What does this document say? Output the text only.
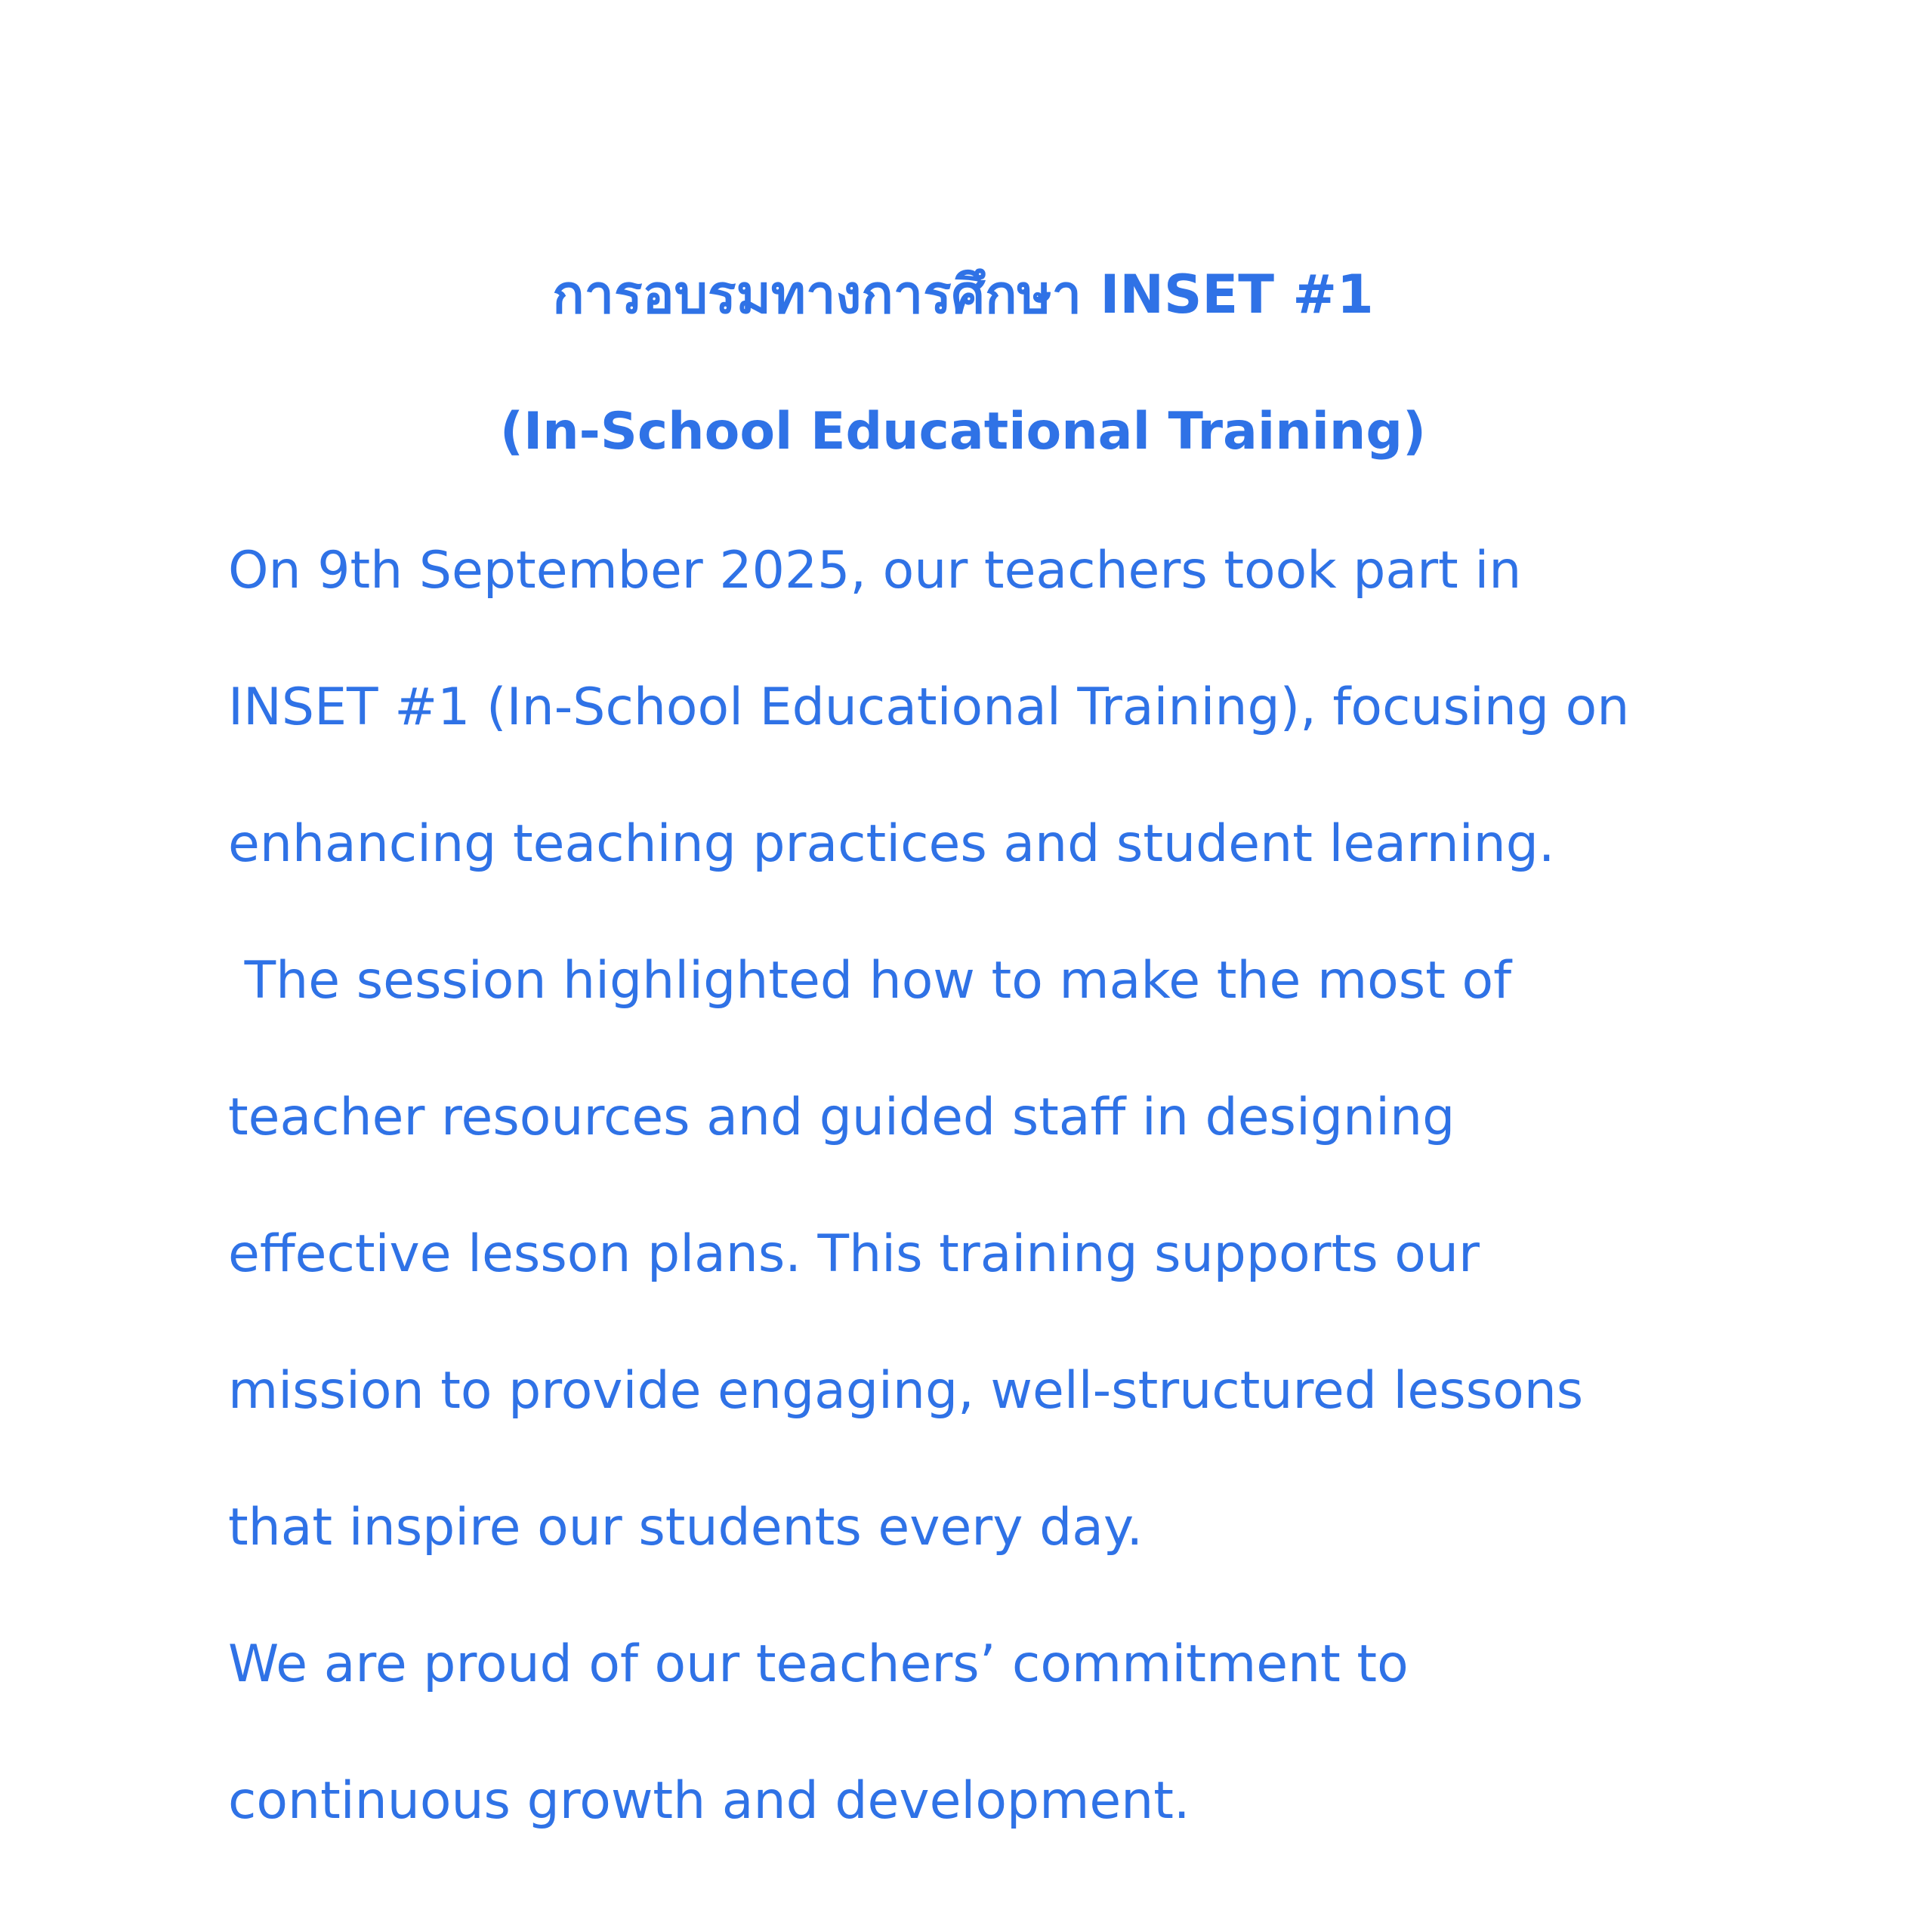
การอบรมทางการศึกษา INSET #1
(In-School Educational Training)
On 9th September 2025, our teachers took part in
INSET #1 (In-School Educational Training), focusing on
enhancing teaching practices and student learning.
The session highlighted how to make the most of
teacher resources and guided staff in designing
effective lesson plans. This training supports our
mission to provide engaging, well-structured lessons
that inspire our students every day.
We are proud of our teachers’ commitment to
continuous growth and development.
